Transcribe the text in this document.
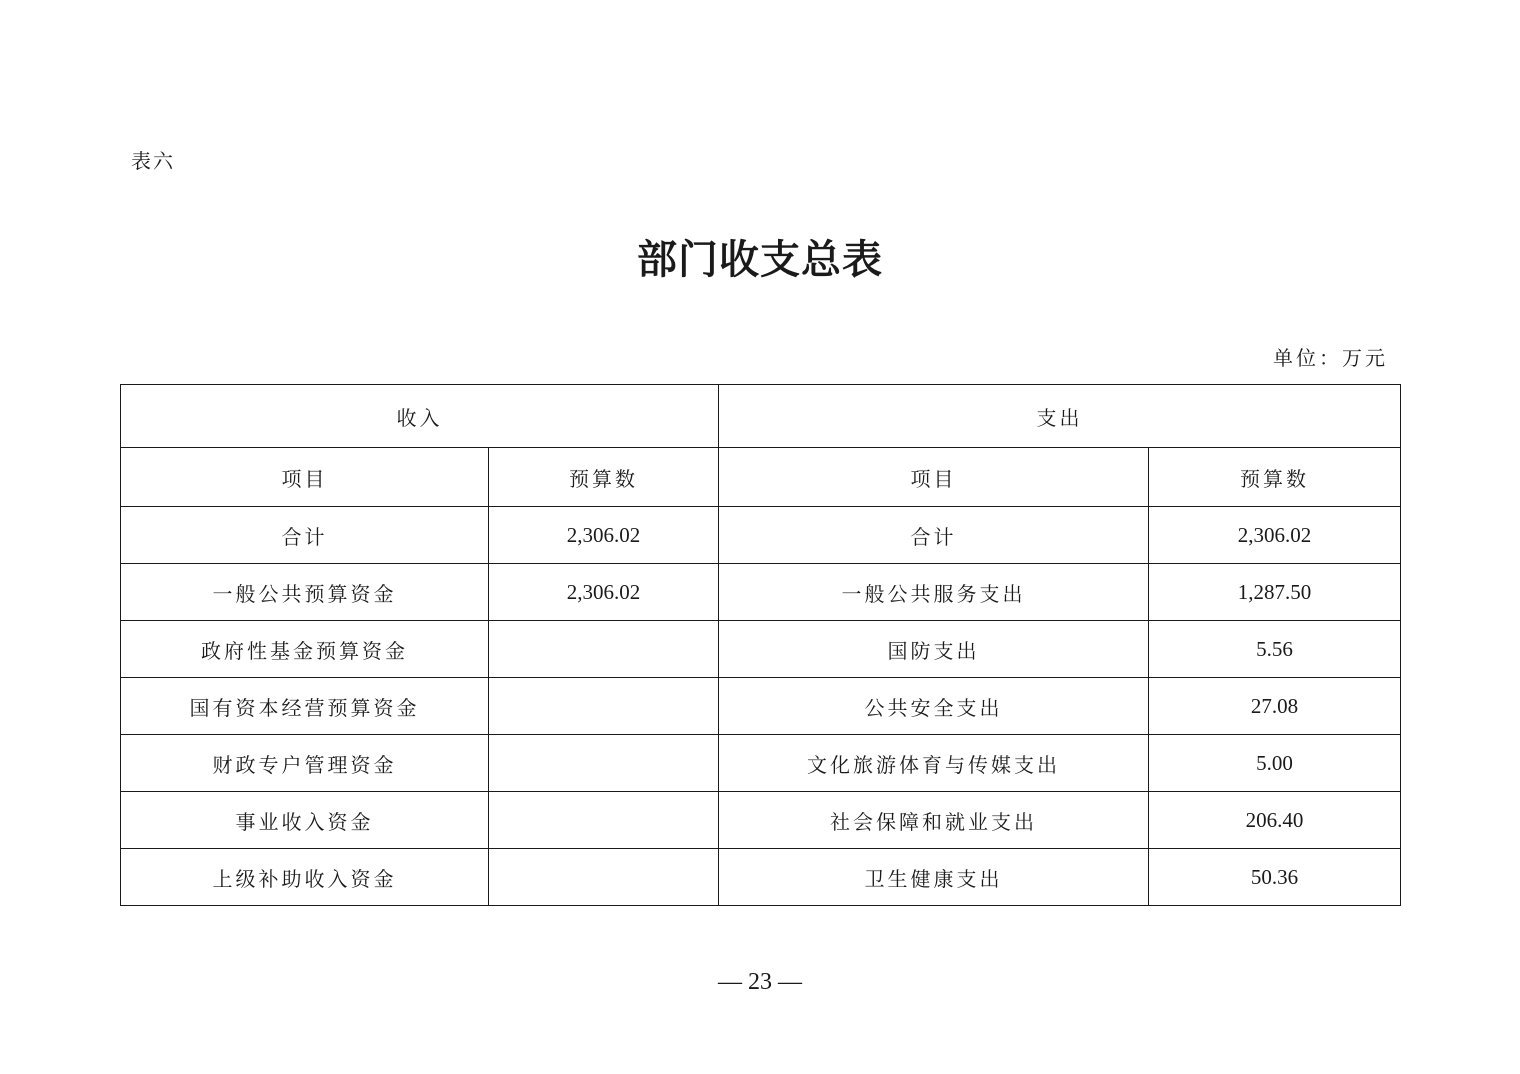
表六
部门收支总表
单位：万元
收入		支出	
项目	预算数	项目	预算数
合计	2,306.02	合计	2,306.02
一般公共预算资金	2,306.02	一般公共服务支出	1,287.50
政府性基金预算资金		国防支出	5.56
国有资本经营预算资金		公共安全支出	27.08
财政专户管理资金		文化旅游体育与传媒支出	5.00
事业收入资金		社会保障和就业支出	206.40
上级补助收入资金		卫生健康支出	50.36
— 23 —
